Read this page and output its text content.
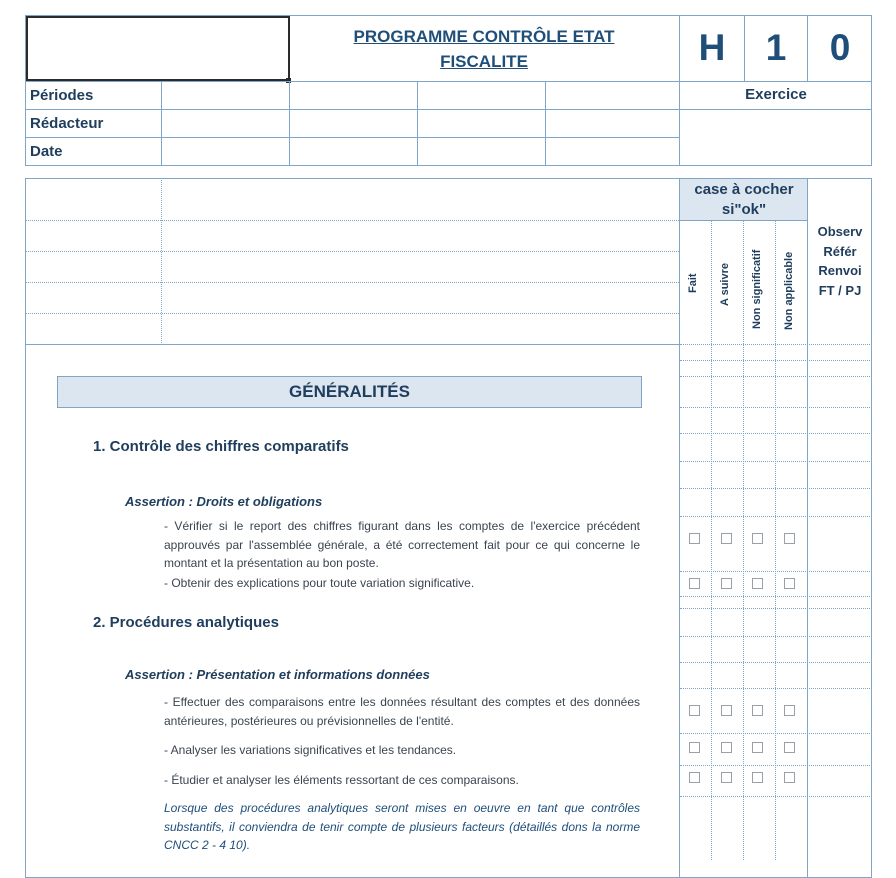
PROGRAMME CONTRÔLE ETAT
FISCALITE	H	1	0
Exercice
Périodes
Rédacteur
Date
case à cocher si"ok"
Fait A suivre Non significatif Non applicable
Observ Référ Renvoi FT / PJ
GÉNÉRALITÉS
1. Contrôle des chiffres comparatifs
Assertion : Droits et obligations
- Vérifier si le report des chiffres figurant dans les comptes de l'exercice précédent approuvés par l'assemblée générale, a été correctement fait pour ce qui concerne le montant et la présentation au bon poste.
- Obtenir des explications pour toute variation significative.
2. Procédures analytiques
Assertion : Présentation et informations données
- Effectuer des comparaisons entre les données résultant des comptes et des données antérieures, postérieures ou prévisionnelles de l'entité.
- Analyser les variations significatives et les tendances.
- Étudier et analyser les éléments ressortant de ces comparaisons.
Lorsque des procédures analytiques seront mises en oeuvre en tant que contrôles substantifs, il conviendra de tenir compte de plusieurs facteurs (détaillés dons la norme CNCC 2 - 4 10).
